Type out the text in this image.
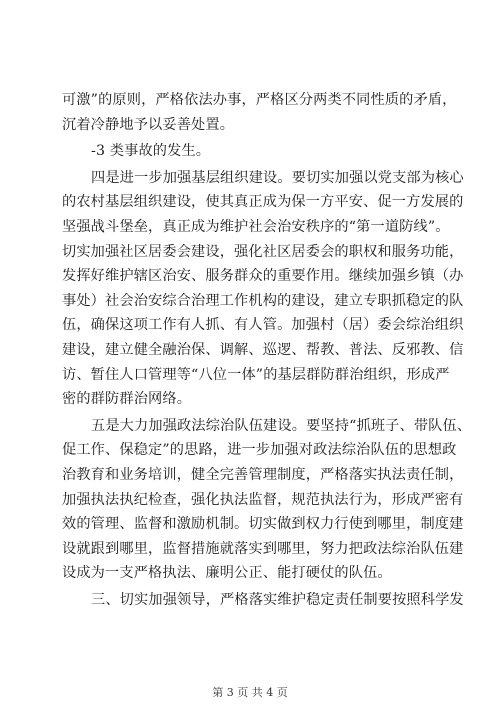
可激”的原则，严格依法办事，严格区分两类不同性质的矛盾，
沉着冷静地予以妥善处置。

-3 类事故的发生。

四是进一步加强基层组织建设。要切实加强以党支部为核心
的农村基层组织建设，使其真正成为保一方平安、促一方发展的
坚强战斗堡垒，真正成为维护社会治安秩序的“第一道防线”。
切实加强社区居委会建设，强化社区居委会的职权和服务功能，
发挥好维护辖区治安、服务群众的重要作用。继续加强乡镇（办
事处）社会治安综合治理工作机构的建设，建立专职抓稳定的队
伍，确保这项工作有人抓、有人管。加强村（居）委会综治组织
建设，建立健全融治保、调解、巡逻、帮教、普法、反邪教、信
访、暂住人口管理等“八位一体”的基层群防群治组织，形成严
密的群防群治网络。

五是大力加强政法综治队伍建设。要坚持“抓班子、带队伍、
促工作、保稳定”的思路，进一步加强对政法综治队伍的思想政
治教育和业务培训，健全完善管理制度，严格落实执法责任制，
加强执法执纪检查，强化执法监督，规范执法行为，形成严密有
效的管理、监督和激励机制。切实做到权力行使到哪里，制度建
设就跟到哪里，监督措施就落实到哪里，努力把政法综治队伍建
设成为一支严格执法、廉明公正、能打硬仗的队伍。

三、切实加强领导，严格落实维护稳定责任制要按照科学发

第 3 页 共 4 页
